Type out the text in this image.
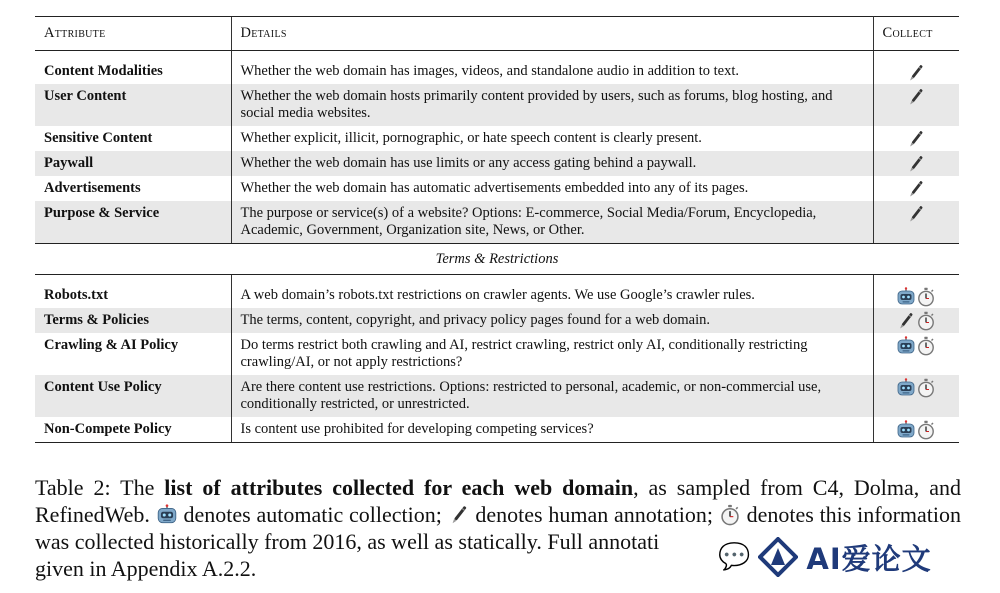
Attribute	Details	Collect
Content Modalities	Whether the web domain has images, videos, and standalone audio in addition to text.	
User Content	Whether the web domain hosts primarily content provided by users, such as forums, blog hosting, and social media websites.	
Sensitive Content	Whether explicit, illicit, pornographic, or hate speech content is clearly present.	
Paywall	Whether the web domain has use limits or any access gating behind a paywall.	
Advertisements	Whether the web domain has automatic advertisements embedded into any of its pages.	
Purpose & Service	The purpose or service(s) of a website? Options: E-commerce, Social Media/Forum, Encyclopedia, Academic, Government, Organization site, News, or Other.	
Terms & Restrictions		
Robots.txt	A web domain’s robots.txt restrictions on crawler agents. We use Google’s crawler rules.	
Terms & Policies	The terms, content, copyright, and privacy policy pages found for a web domain.	
Crawling & AI Policy	Do terms restrict both crawling and AI, restrict crawling, restrict only AI, conditionally restricting crawling/AI, or not apply restrictions?	
Content Use Policy	Are there content use restrictions. Options: restricted to personal, academic, or non-commercial use, conditionally restricted, or unrestricted.	
Non-Compete Policy	Is content use prohibited for developing competing services?	
Table 2: The list of attributes collected for each web domain, as sampled from C4, Dolma, and RefinedWeb.  denotes automatic collection;  denotes human annotation;  denotes this information was collected historically from 2016, as well as statically. Full annotati
given in Appendix A.2.2.	💬 AI爱论文
